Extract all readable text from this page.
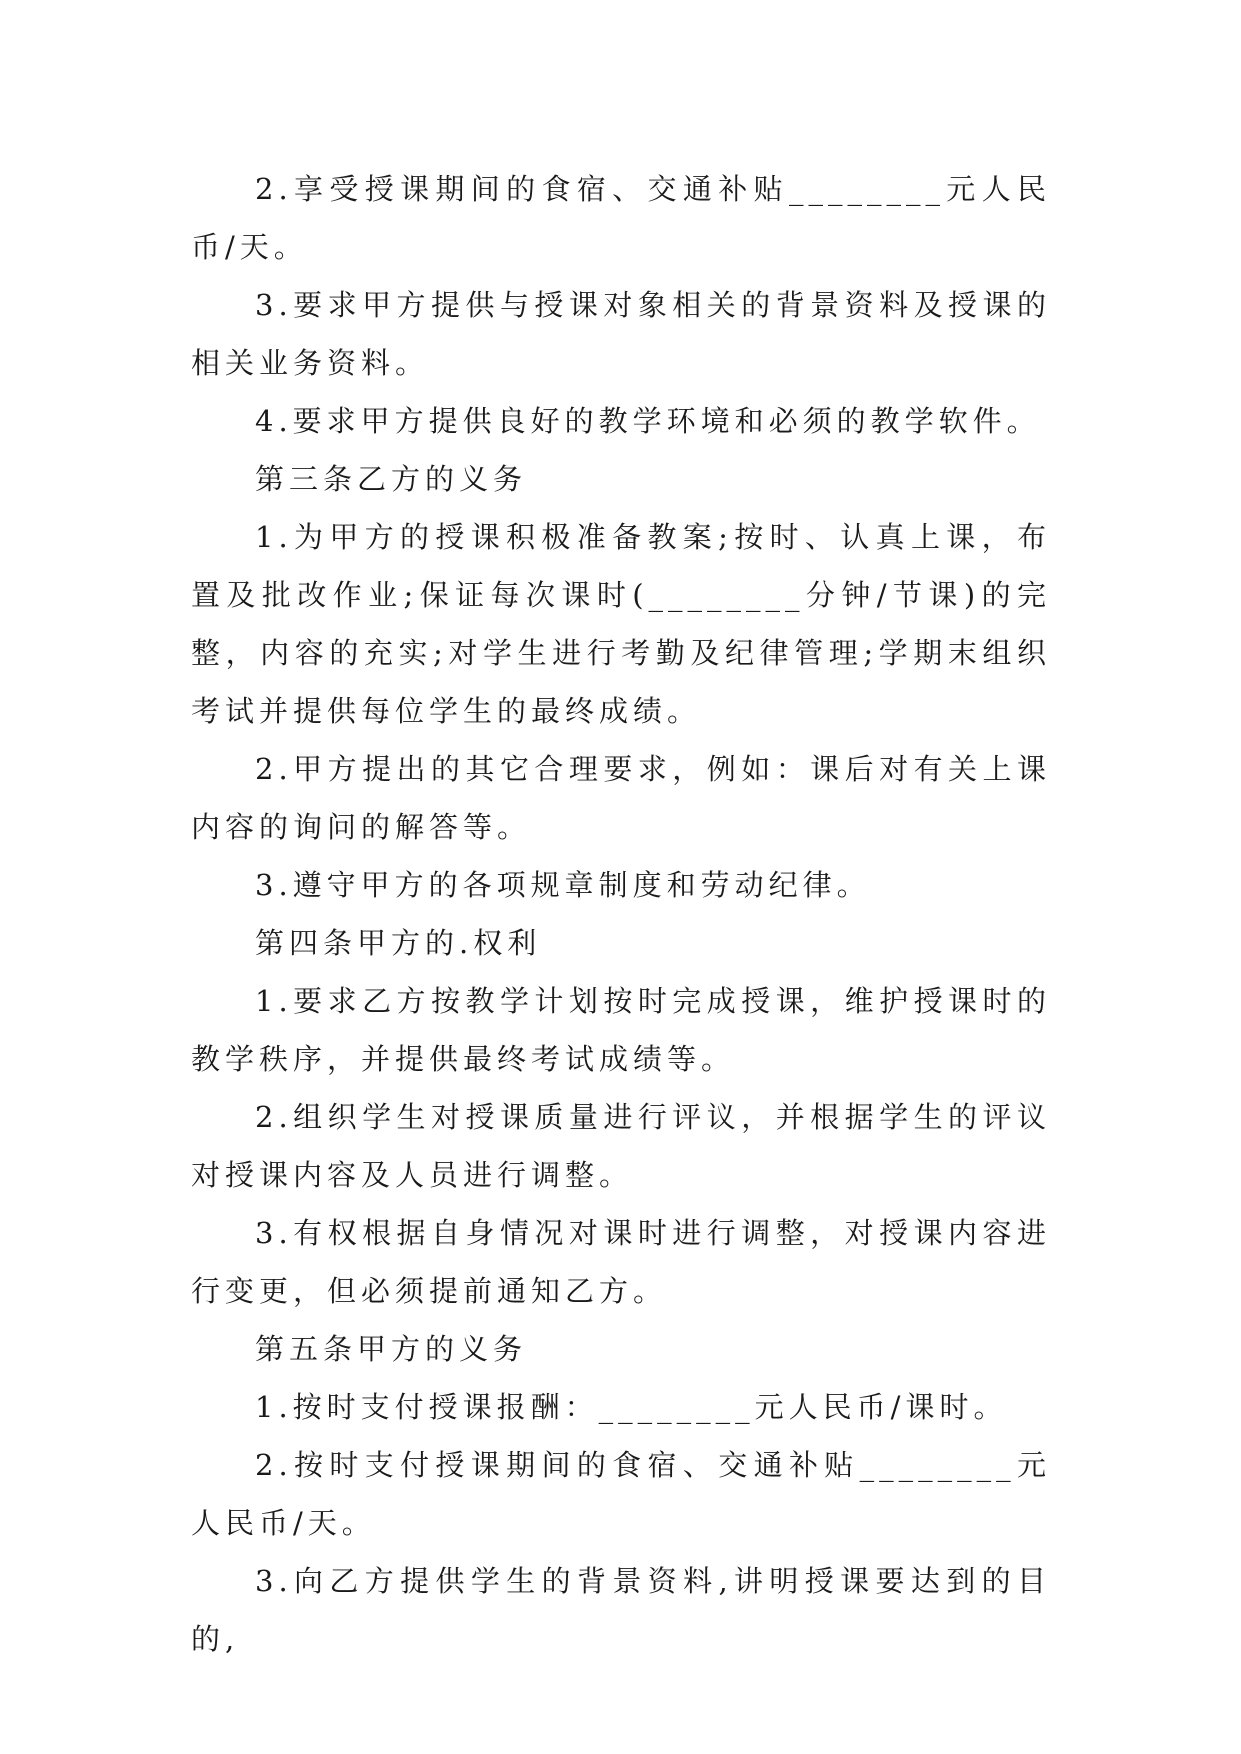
2.享受授课期间的食宿、交通补贴________元人民币/天。

3.要求甲方提供与授课对象相关的背景资料及授课的相关业务资料。

4.要求甲方提供良好的教学环境和必须的教学软件。

第三条乙方的义务

1.为甲方的授课积极准备教案;按时、认真上课，布置及批改作业;保证每次课时(________分钟/节课)的完整，内容的充实;对学生进行考勤及纪律管理;学期末组织考试并提供每位学生的最终成绩。

2.甲方提出的其它合理要求，例如：课后对有关上课内容的询问的解答等。

3.遵守甲方的各项规章制度和劳动纪律。

第四条甲方的.权利

1.要求乙方按教学计划按时完成授课，维护授课时的教学秩序，并提供最终考试成绩等。

2.组织学生对授课质量进行评议，并根据学生的评议对授课内容及人员进行调整。

3.有权根据自身情况对课时进行调整，对授课内容进行变更，但必须提前通知乙方。

第五条甲方的义务

1.按时支付授课报酬：________元人民币/课时。

2.按时支付授课期间的食宿、交通补贴________元人民币/天。

3.向乙方提供学生的背景资料,讲明授课要达到的目的,
